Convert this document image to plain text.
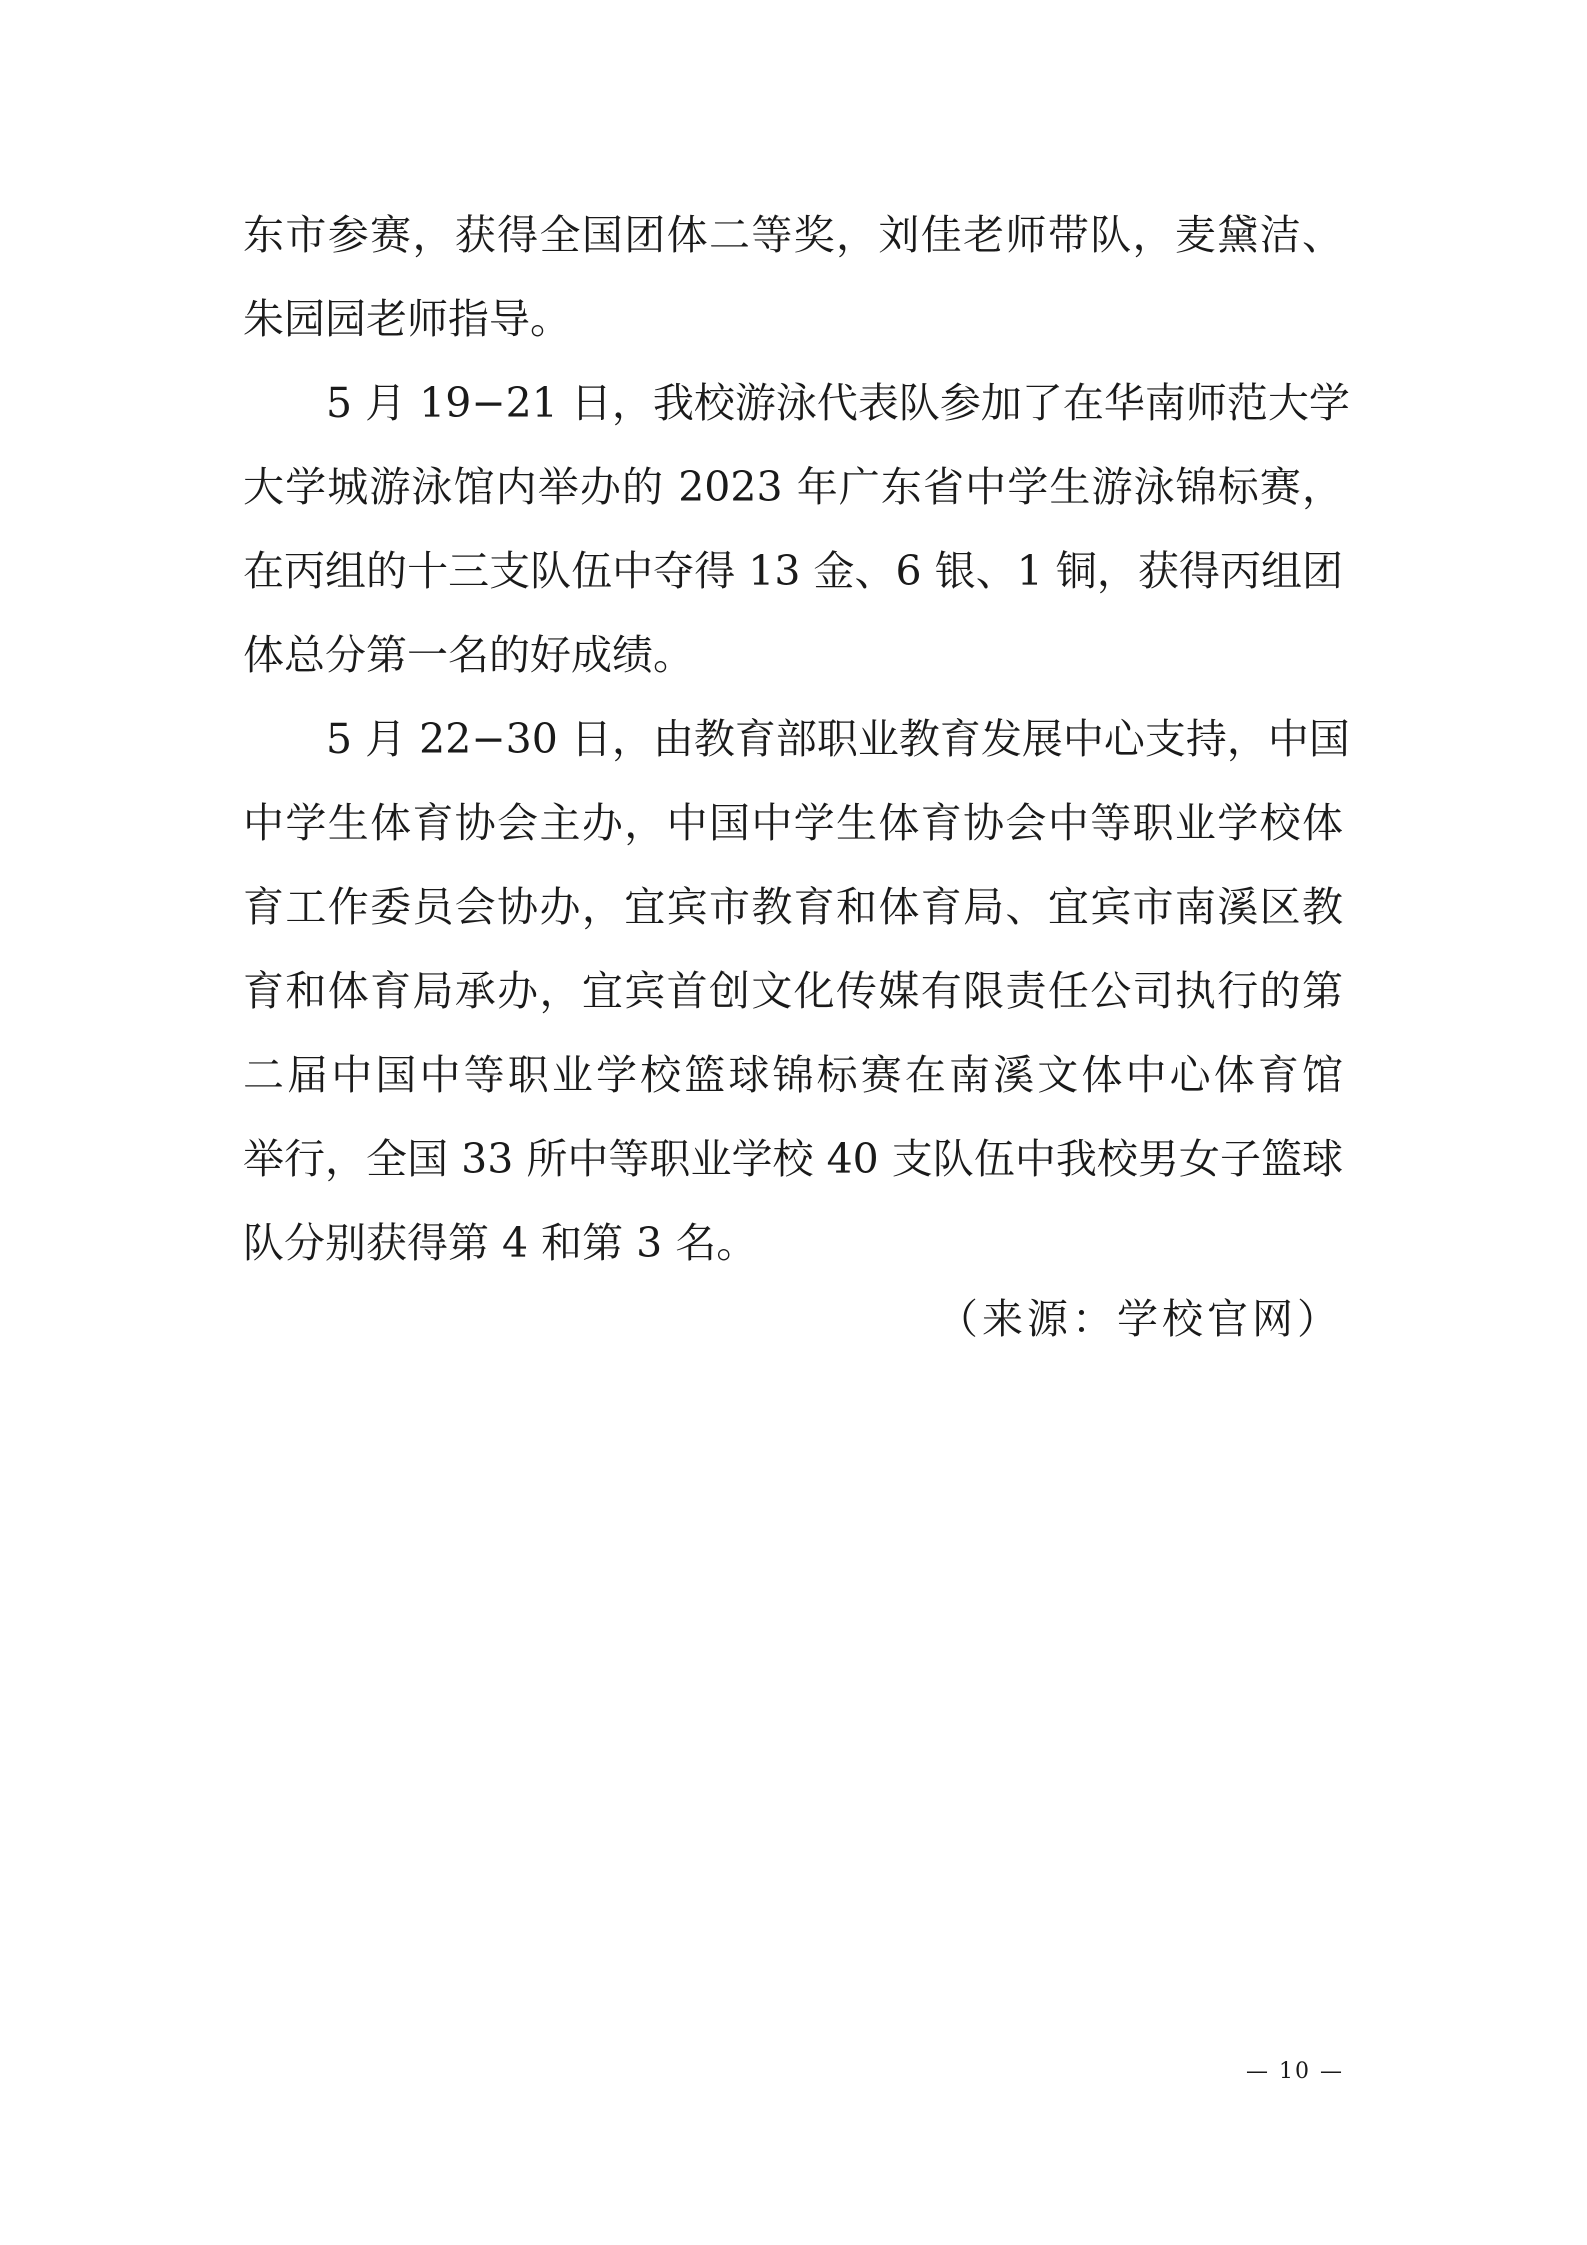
东市参赛，获得全国团体二等奖，刘佳老师带队，麦黛洁、
朱园园老师指导。
5 月 19−21 日，我校游泳代表队参加了在华南师范大学
大学城游泳馆内举办的 2023 年广东省中学生游泳锦标赛，
在丙组的十三支队伍中夺得 13 金、6 银、1 铜，获得丙组团
体总分第一名的好成绩。
5 月 22−30 日，由教育部职业教育发展中心支持，中国
中学生体育协会主办，中国中学生体育协会中等职业学校体
育工作委员会协办，宜宾市教育和体育局、宜宾市南溪区教
育和体育局承办，宜宾首创文化传媒有限责任公司执行的第
二届中国中等职业学校篮球锦标赛在南溪文体中心体育馆
举行，全国 33 所中等职业学校 40 支队伍中我校男女子篮球
队分别获得第 4 和第 3 名。
（来源：学校官网）
— 10 —
